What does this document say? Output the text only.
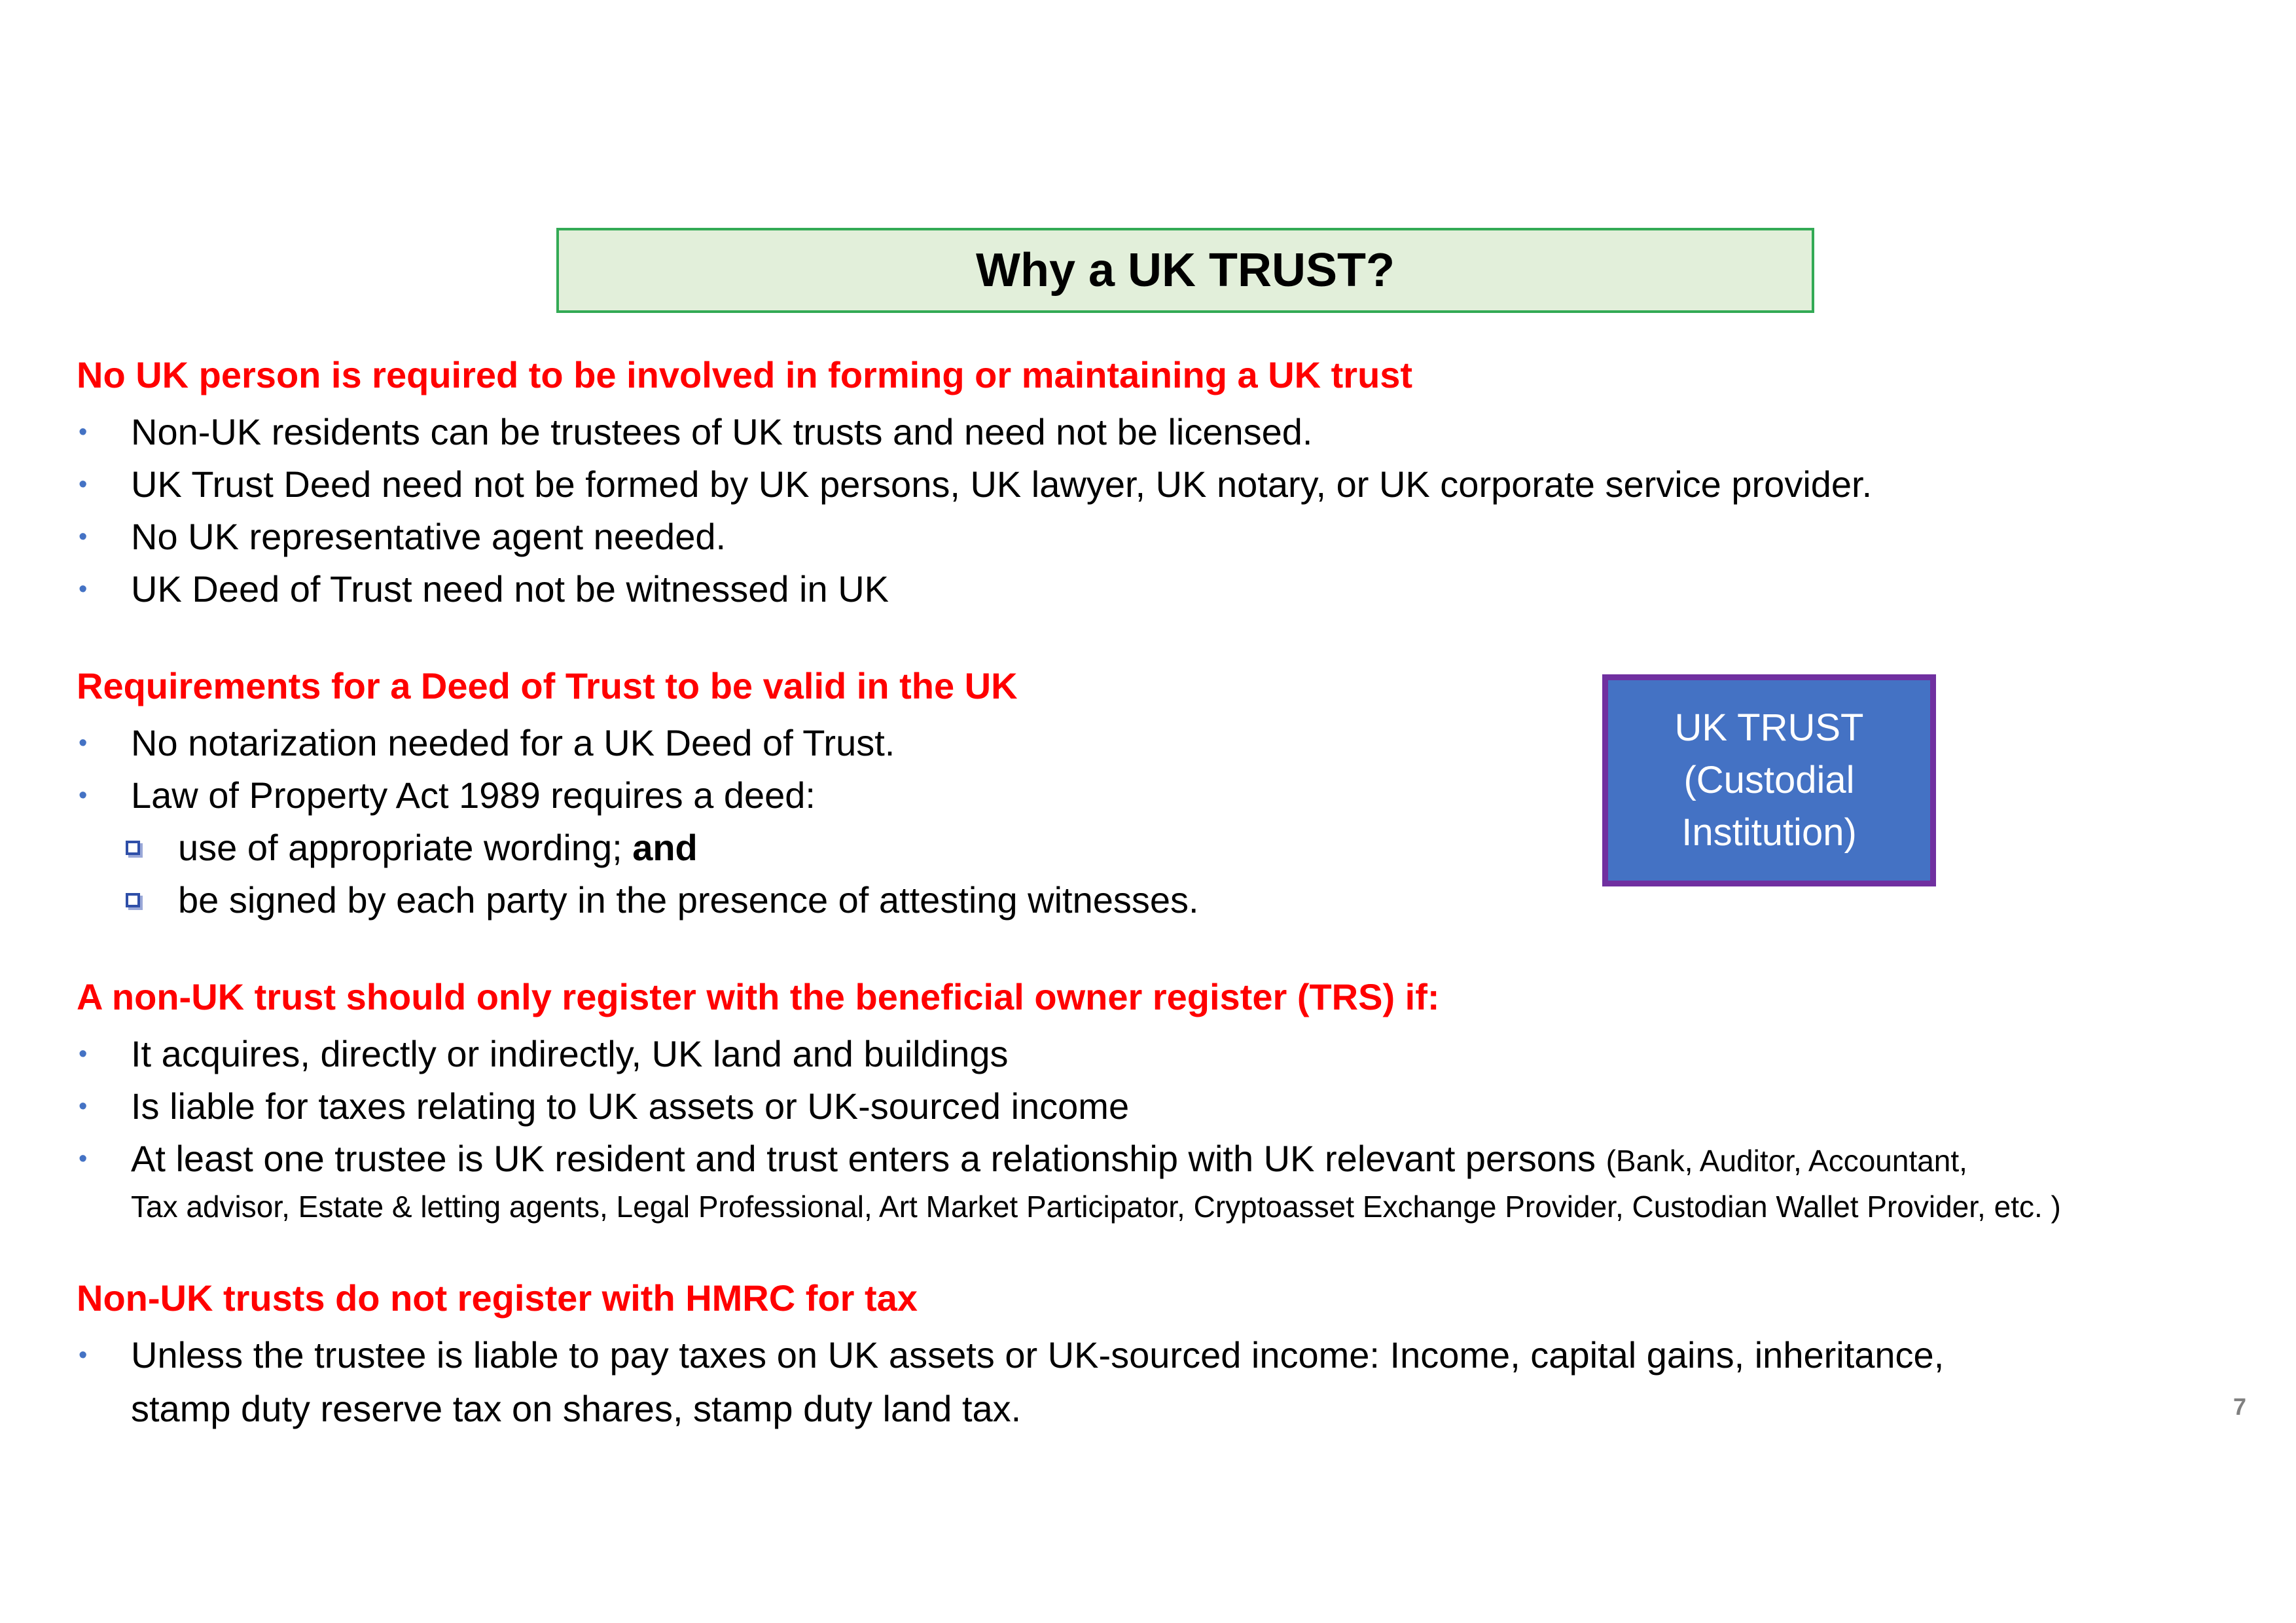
Why a UK TRUST?
No UK person is required to be involved in forming or maintaining a UK trust
• Non-UK residents can be trustees of UK trusts and need not be licensed.
• UK Trust Deed need not be formed by UK persons, UK lawyer, UK notary, or UK corporate service provider.
• No UK representative agent needed.
• UK Deed of Trust need not be witnessed in UK
Requirements for a Deed of Trust to be valid in the UK
• No notarization needed for a UK Deed of Trust.
• Law of Property Act 1989 requires a deed:
use of appropriate wording; and
be signed by each party in the presence of attesting witnesses.
A non-UK trust should only register with the beneficial owner register (TRS) if:
• It acquires, directly or indirectly, UK land and buildings
• Is liable for taxes relating to UK assets or UK-sourced income
• At least one trustee is UK resident and trust enters a relationship with UK relevant persons (Bank, Auditor, Accountant,
Tax advisor, Estate & letting agents, Legal Professional, Art Market Participator, Cryptoasset Exchange Provider, Custodian Wallet Provider, etc. )
Non-UK trusts do not register with HMRC for tax
• Unless the trustee is liable to pay taxes on UK assets or UK-sourced income: Income, capital gains, inheritance,
stamp duty reserve tax on shares, stamp duty land tax.
UK TRUST
(Custodial
Institution)
7
